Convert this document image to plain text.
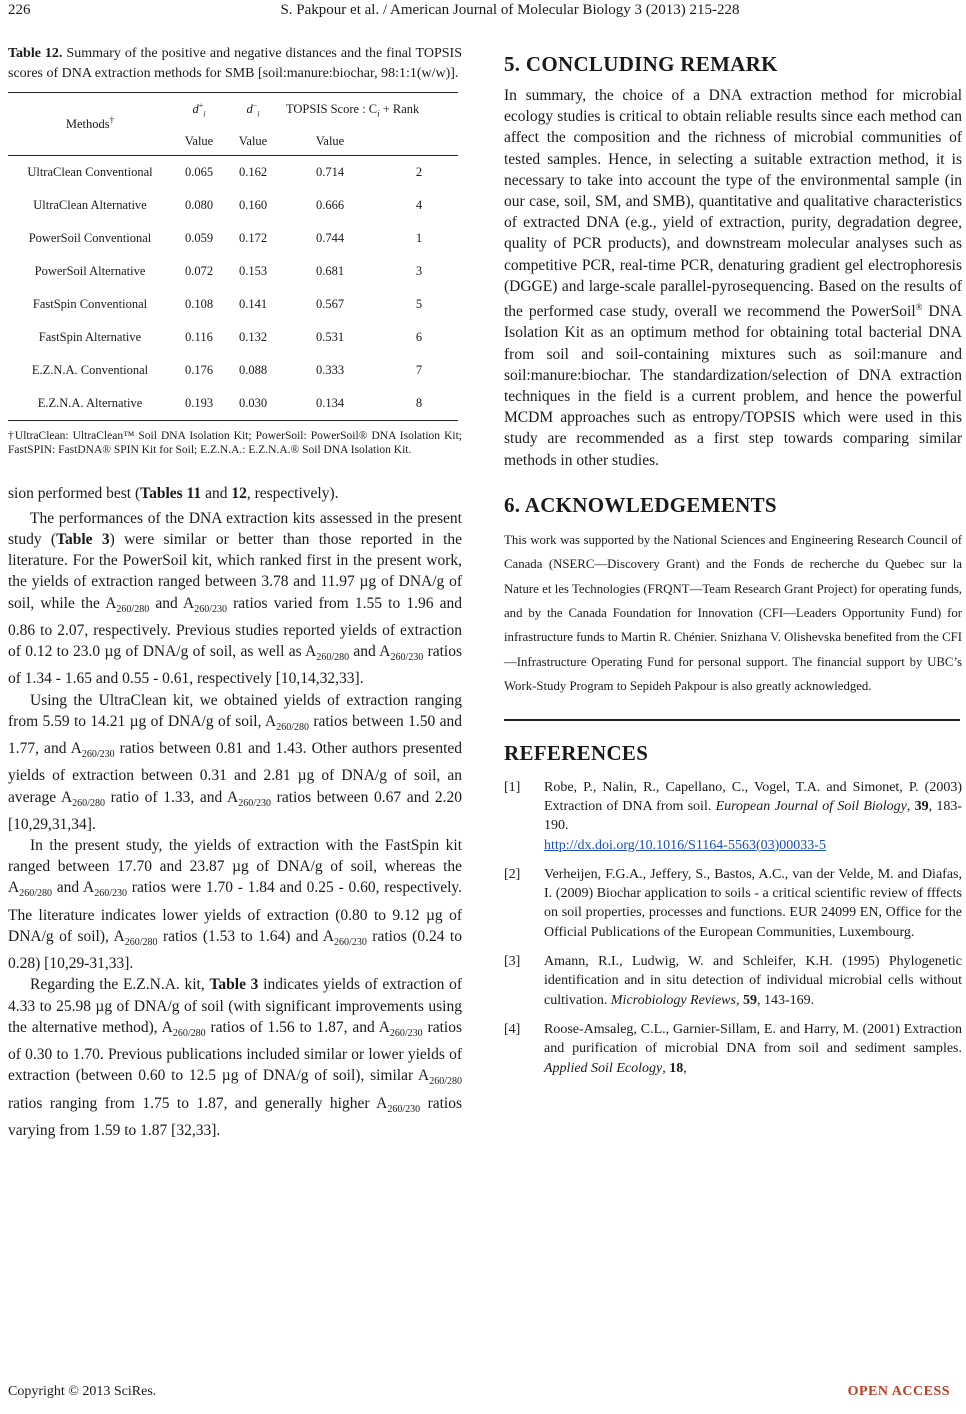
226	S. Pakpour et al. / American Journal of Molecular Biology 3 (2013) 215-228

Table 12. Summary of the positive and negative distances and the final TOPSIS scores of DNA extraction methods for SMB [soil:manure:biochar, 98:1:1(w/w)].

Methods†	$d^+_i$	$d^-_i$	TOPSIS Score : $C_i$ + Rank	
	Value	Value	Value	
UltraClean Conventional	0.065	0.162	0.714	2
UltraClean Alternative	0.080	0.160	0.666	4
PowerSoil Conventional	0.059	0.172	0.744	1
PowerSoil Alternative	0.072	0.153	0.681	3
FastSpin Conventional	0.108	0.141	0.567	5
FastSpin Alternative	0.116	0.132	0.531	6
E.Z.N.A. Conventional	0.176	0.088	0.333	7
E.Z.N.A. Alternative	0.193	0.030	0.134	8

†UltraClean: UltraClean™ Soil DNA Isolation Kit; PowerSoil: PowerSoil® DNA Isolation Kit; FastSPIN: FastDNA® SPIN Kit for Soil; E.Z.N.A.: E.Z.N.A.® Soil DNA Isolation Kit.

sion performed best (Tables 11 and 12, respectively).

The performances of the DNA extraction kits assessed in the present study (Table 3) were similar or better than those reported in the literature. For the PowerSoil kit, which ranked first in the present work, the yields of extraction ranged between 3.78 and 11.97 µg of DNA/g of soil, while the $A_{260/280}$ and $A_{260/230}$ ratios varied from 1.55 to 1.96 and 0.86 to 2.07, respectively. Previous studies reported yields of extraction of 0.12 to 23.0 µg of DNA/g of soil, as well as $A_{260/280}$ and $A_{260/230}$ ratios of 1.34 - 1.65 and 0.55 - 0.61, respectively [10,14,32,33].

Using the UltraClean kit, we obtained yields of extraction ranging from 5.59 to 14.21 µg of DNA/g of soil, $A_{260/280}$ ratios between 1.50 and 1.77, and $A_{260/230}$ ratios between 0.81 and 1.43. Other authors presented yields of extraction between 0.31 and 2.81 µg of DNA/g of soil, an average $A_{260/280}$ ratio of 1.33, and $A_{260/230}$ ratios between 0.67 and 2.20 [10,29,31,34].

In the present study, the yields of extraction with the FastSpin kit ranged between 17.70 and 23.87 µg of DNA/g of soil, whereas the $A_{260/280}$ and $A_{260/230}$ ratios were 1.70 - 1.84 and 0.25 - 0.60, respectively. The literature indicates lower yields of extraction (0.80 to 9.12 µg of DNA/g of soil), $A_{260/280}$ ratios (1.53 to 1.64) and $A_{260/230}$ ratios (0.24 to 0.28) [10,29-31,33].

Regarding the E.Z.N.A. kit, Table 3 indicates yields of extraction of 4.33 to 25.98 µg of DNA/g of soil (with significant improvements using the alternative method), $A_{260/280}$ ratios of 1.56 to 1.87, and $A_{260/230}$ ratios of 0.30 to 1.70. Previous publications included similar or lower yields of extraction (between 0.60 to 12.5 µg of DNA/g of soil), similar $A_{260/280}$ ratios ranging from 1.75 to 1.87, and generally higher $A_{260/230}$ ratios varying from 1.59 to 1.87 [32,33].

5. CONCLUDING REMARK

In summary, the choice of a DNA extraction method for microbial ecology studies is critical to obtain reliable results since each method can affect the composition and the richness of microbial communities of tested samples. Hence, in selecting a suitable extraction method, it is necessary to take into account the type of the environmental sample (in our case, soil, SM, and SMB), quantitative and qualitative characteristics of extracted DNA (e.g., yield of extraction, purity, degradation degree, quality of PCR products), and downstream molecular analyses such as competitive PCR, real-time PCR, denaturing gradient gel electrophoresis (DGGE) and large-scale parallel-pyrosequencing. Based on the results of the performed case study, overall we recommend the PowerSoil® DNA Isolation Kit as an optimum method for obtaining total bacterial DNA from soil and soil-containing mixtures such as soil:manure and soil:manure:biochar. The standardization/selection of DNA extraction techniques in the field is a current problem, and hence the powerful MCDM approaches such as entropy/TOPSIS which were used in this study are recommended as a first step towards comparing similar methods in other studies.

6. ACKNOWLEDGEMENTS

This work was supported by the National Sciences and Engineering Research Council of Canada (NSERC—Discovery Grant) and the Fonds de recherche du Quebec sur la Nature et les Technologies (FRQNT—Team Research Grant Project) for operating funds, and by the Canada Foundation for Innovation (CFI—Leaders Opportunity Fund) for infrastructure funds to Martin R. Chénier. Snizhana V. Olishevska benefited from the CFI—Infrastructure Operating Fund for personal support. The financial support by UBC’s Work-Study Program to Sepideh Pakpour is also greatly acknowledged.

REFERENCES
[1]	Robe, P., Nalin, R., Capellano, C., Vogel, T.A. and Simonet, P. (2003) Extraction of DNA from soil. European Journal of Soil Biology, 39, 183-190.
http://dx.doi.org/10.1016/S1164-5563(03)00033-5
[2]	Verheijen, F.G.A., Jeffery, S., Bastos, A.C., van der Velde, M. and Diafas, I. (2009) Biochar application to soils - a critical scientific review of fffects on soil properties, processes and functions. EUR 24099 EN, Office for the Official Publications of the European Communities, Luxembourg.
[3]	Amann, R.I., Ludwig, W. and Schleifer, K.H. (1995) Phylogenetic identification and in situ detection of individual microbial cells without cultivation. Microbiology Reviews, 59, 143-169.
[4]	Roose-Amsaleg, C.L., Garnier-Sillam, E. and Harry, M. (2001) Extraction and purification of microbial DNA from soil and sediment samples. Applied Soil Ecology, 18,
Copyright © 2013 SciRes.	OPEN ACCESS
